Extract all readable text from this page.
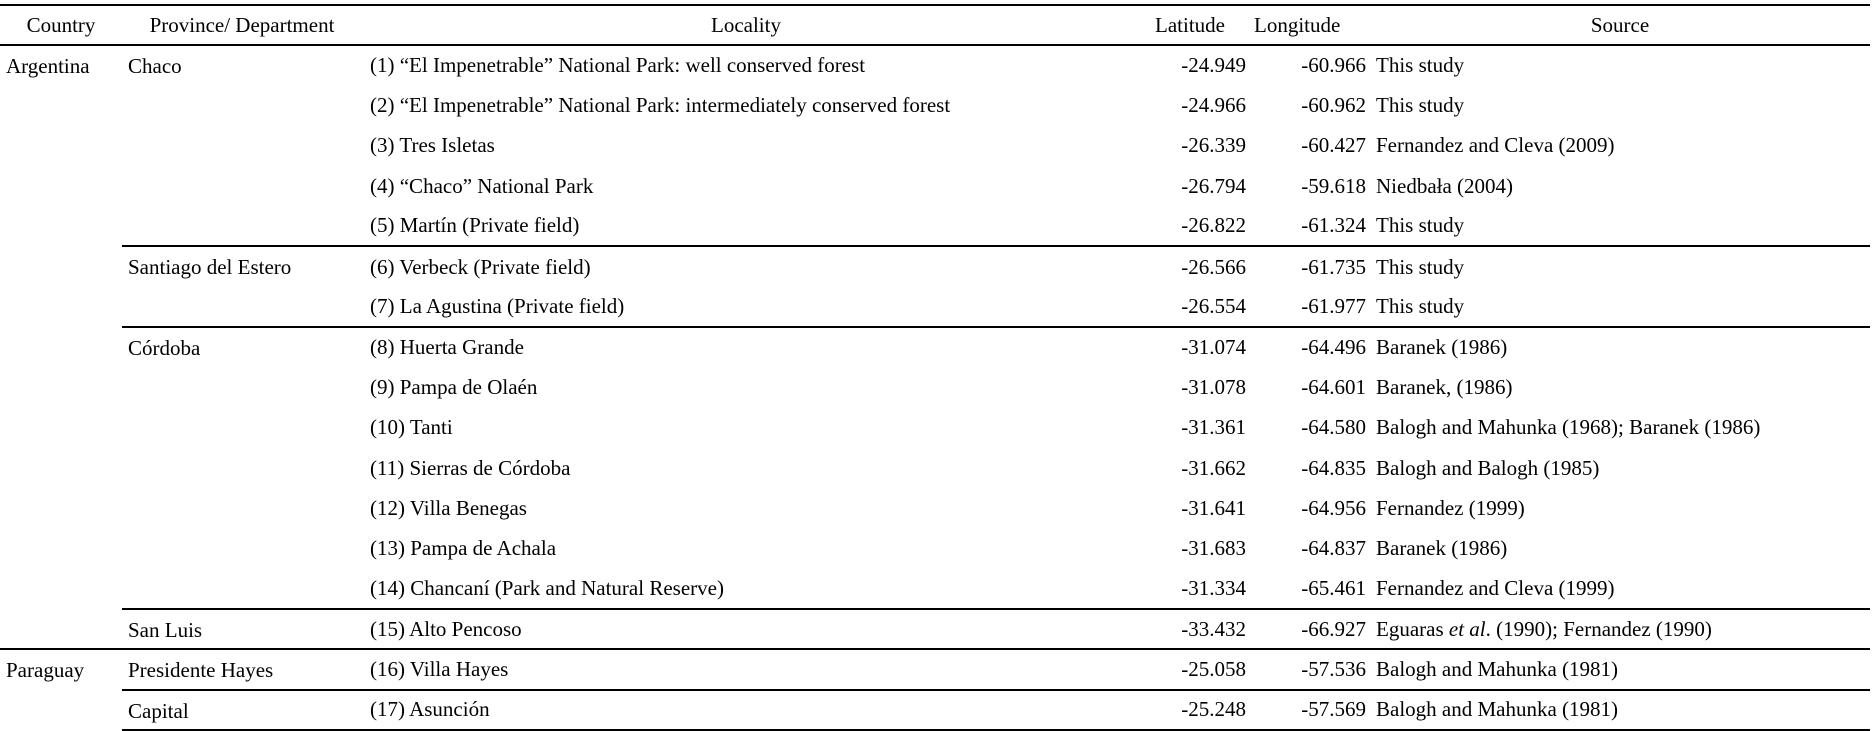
Country	Province/ Department	Locality	Latitude	Longitude	Source
Argentina	Chaco	(1) “El Impenetrable” National Park: well conserved forest	-24.949	-60.966	This study
		(2) “El Impenetrable” National Park: intermediately conserved forest	-24.966	-60.962	This study
		(3) Tres Isletas	-26.339	-60.427	Fernandez and Cleva (2009)
		(4) “Chaco” National Park	-26.794	-59.618	Niedbała (2004)
		(5) Martín (Private field)	-26.822	-61.324	This study
	Santiago del Estero	(6) Verbeck (Private field)	-26.566	-61.735	This study
		(7) La Agustina (Private field)	-26.554	-61.977	This study
	Córdoba	(8) Huerta Grande	-31.074	-64.496	Baranek (1986)
		(9) Pampa de Olaén	-31.078	-64.601	Baranek, (1986)
		(10) Tanti	-31.361	-64.580	Balogh and Mahunka (1968); Baranek (1986)
		(11) Sierras de Córdoba	-31.662	-64.835	Balogh and Balogh (1985)
		(12) Villa Benegas	-31.641	-64.956	Fernandez (1999)
		(13) Pampa de Achala	-31.683	-64.837	Baranek (1986)
		(14) Chancaní (Park and Natural Reserve)	-31.334	-65.461	Fernandez and Cleva (1999)
	San Luis	(15) Alto Pencoso	-33.432	-66.927	Eguaras et al. (1990); Fernandez (1990)
Paraguay	Presidente Hayes	(16) Villa Hayes	-25.058	-57.536	Balogh and Mahunka (1981)
	Capital	(17) Asunción	-25.248	-57.569	Balogh and Mahunka (1981)
